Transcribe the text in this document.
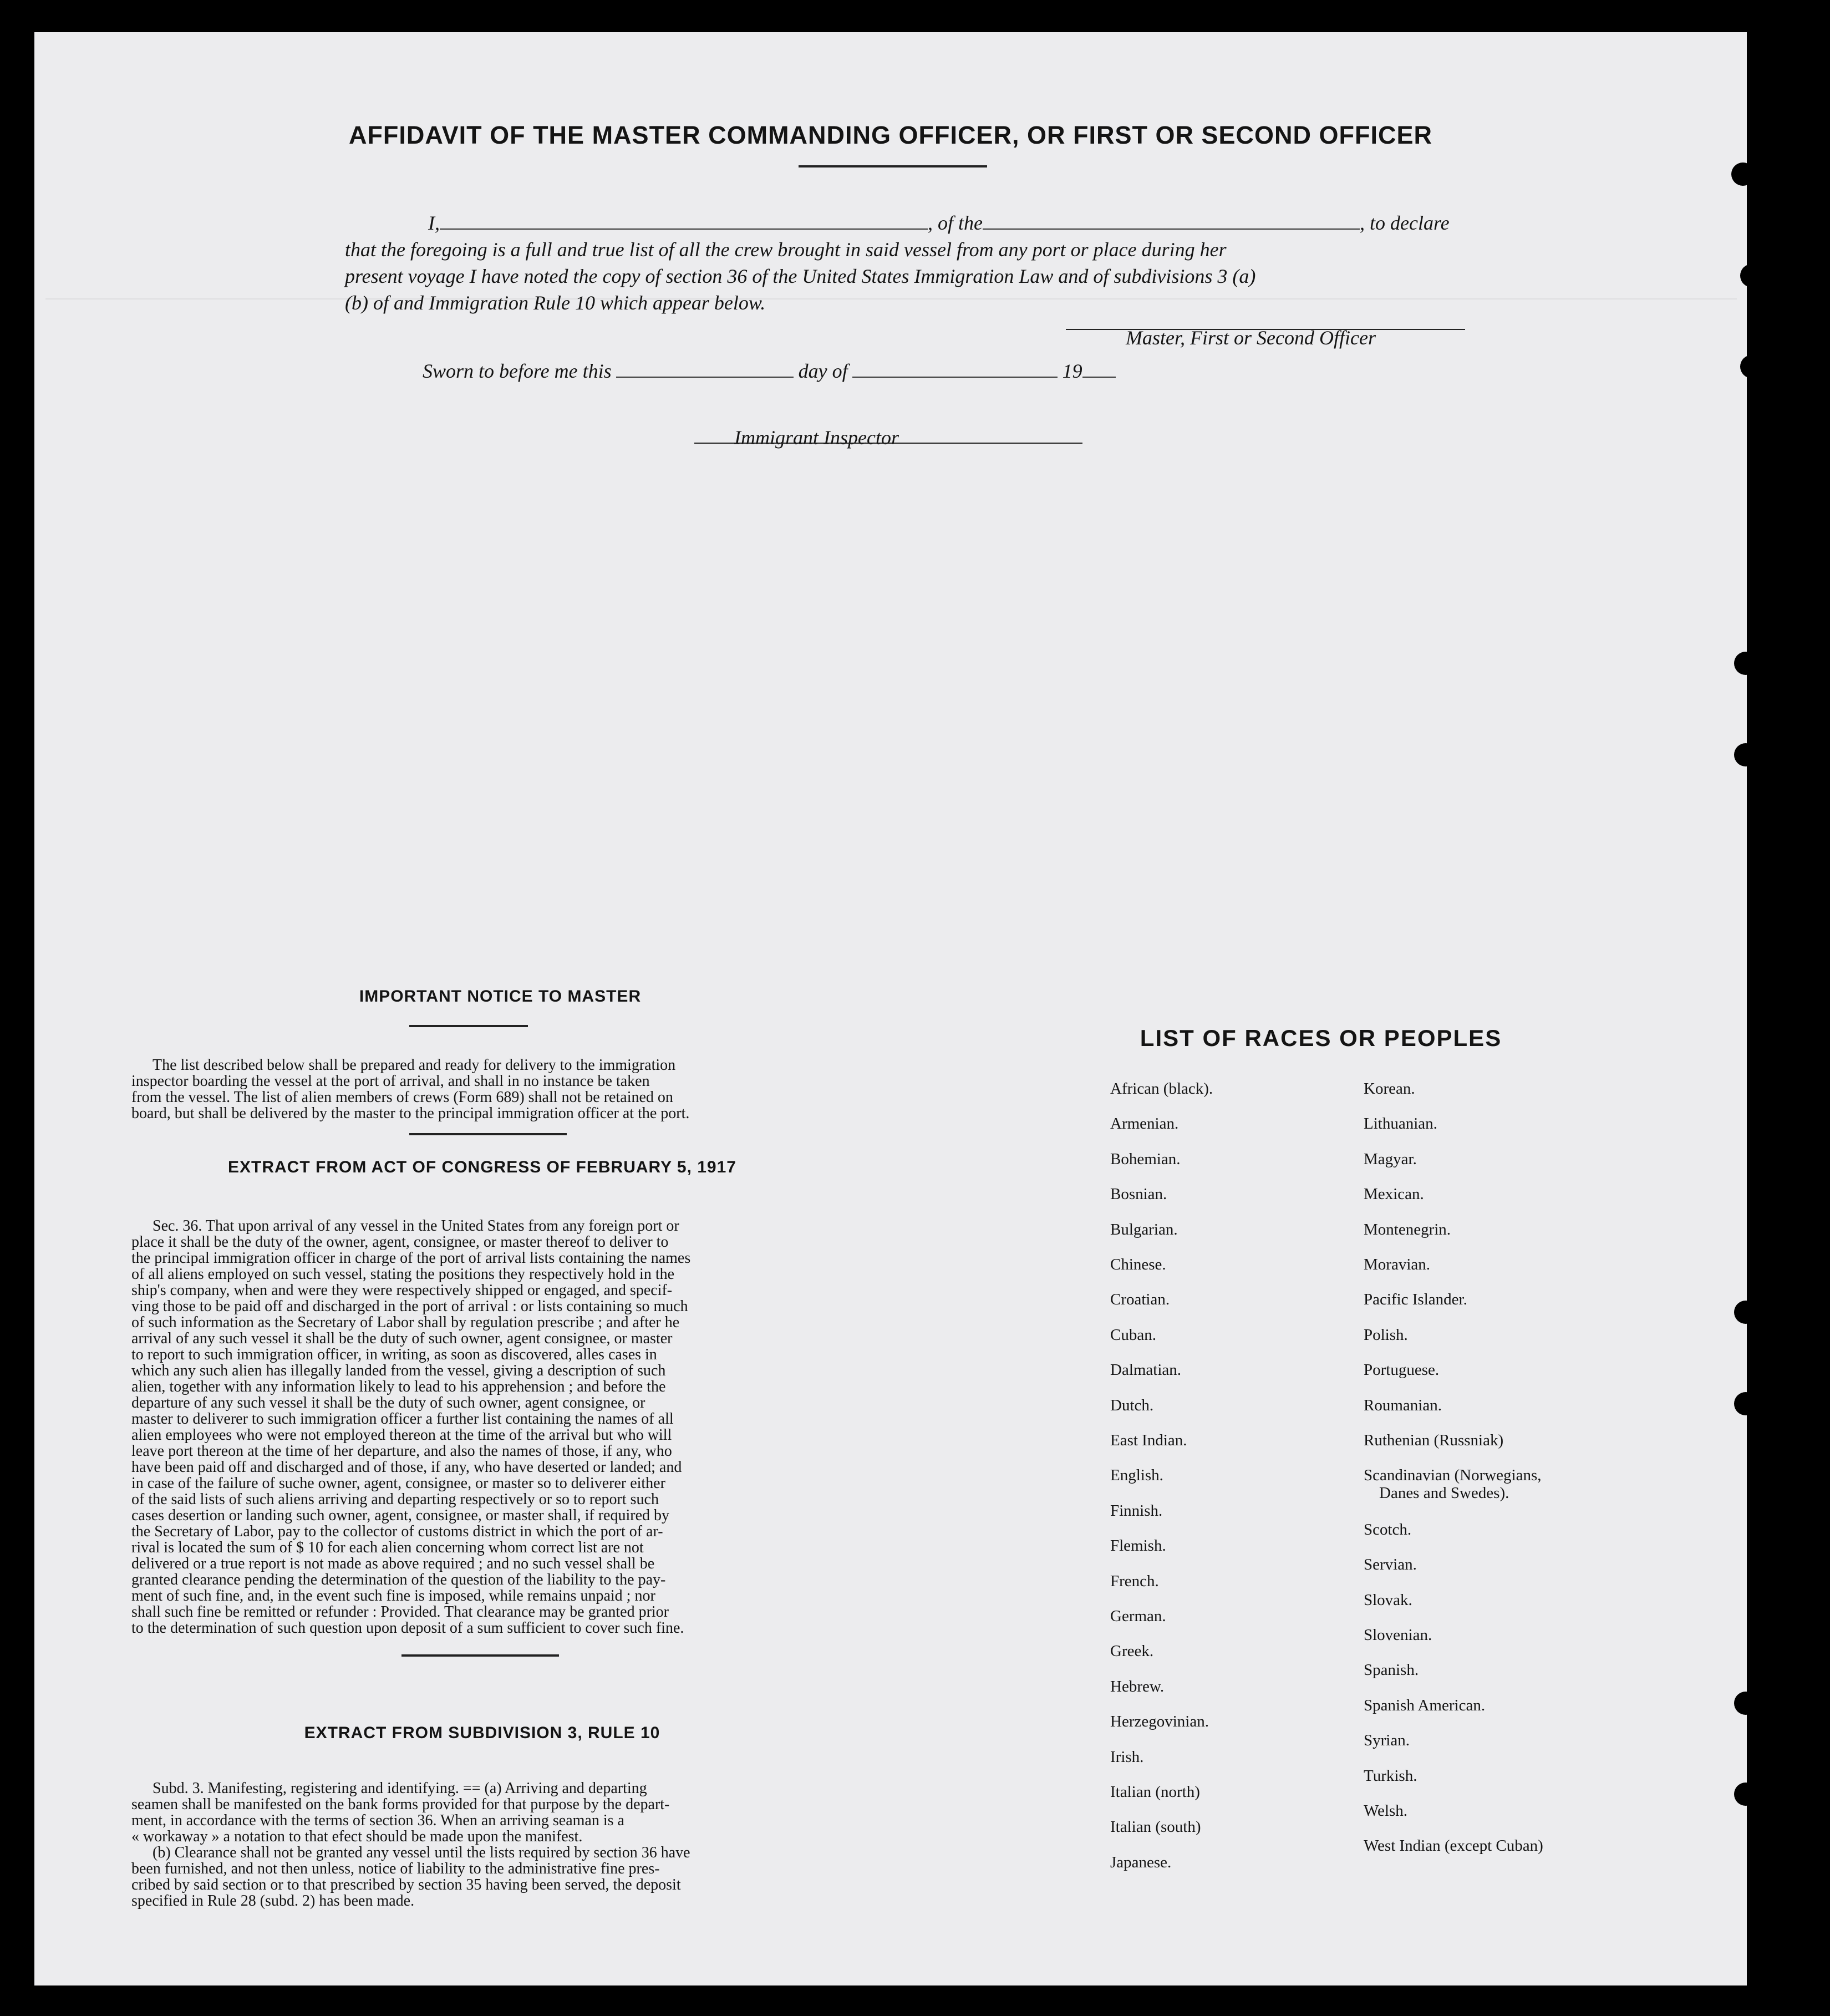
AFFIDAVIT OF THE MASTER COMMANDING OFFICER, OR FIRST OR SECOND OFFICER
I,	, of the	, to declare
that the foregoing is a full and true list of all the crew brought in said vessel from any port or place during her
present voyage I have noted the copy of section 36 of the United States Immigration Law and of subdivisions 3 (a)
(b) of and Immigration Rule 10 which appear below.
Master, First or Second Officer
Sworn to before me this	day of	19
Immigrant Inspector
IMPORTANT NOTICE TO MASTER
The list described below shall be prepared and ready for delivery to the immigration
inspector boarding the vessel at the port of arrival, and shall in no instance be taken
from the vessel. The list of alien members of crews (Form 689) shall not be retained on
board, but shall be delivered by the master to the principal immigration officer at the port.
EXTRACT FROM ACT OF CONGRESS OF FEBRUARY 5, 1917
Sec. 36. That upon arrival of any vessel in the United States from any foreign port or
place it shall be the duty of the owner, agent, consignee, or master thereof to deliver to
the principal immigration officer in charge of the port of arrival lists containing the names
of all aliens employed on such vessel, stating the positions they respectively hold in the
ship's company, when and were they were respectively shipped or engaged, and specif-
ving those to be paid off and discharged in the port of arrival : or lists containing so much
of such information as the Secretary of Labor shall by regulation prescribe ; and after he
arrival of any such vessel it shall be the duty of such owner, agent consignee, or master
to report to such immigration officer, in writing, as soon as discovered, alles cases in
which any such alien has illegally landed from the vessel, giving a description of such
alien, together with any information likely to lead to his apprehension ; and before the
departure of any such vessel it shall be the duty of such owner, agent consignee, or
master to deliverer to such immigration officer a further list containing the names of all
alien employees who were not employed thereon at the time of the arrival but who will
leave port thereon at the time of her departure, and also the names of those, if any, who
have been paid off and discharged and of those, if any, who have deserted or landed; and
in case of the failure of suche owner, agent, consignee, or master so to deliverer either
of the said lists of such aliens arriving and departing respectively or so to report such
cases desertion or landing such owner, agent, consignee, or master shall, if required by
the Secretary of Labor, pay to the collector of customs district in which the port of ar-
rival is located the sum of $ 10 for each alien concerning whom correct list are not
delivered or a true report is not made as above required ; and no such vessel shall be
granted clearance pending the determination of the question of the liability to the pay-
ment of such fine, and, in the event such fine is imposed, while remains unpaid ; nor
shall such fine be remitted or refunder : Provided. That clearance may be granted prior
to the determination of such question upon deposit of a sum sufficient to cover such fine.
EXTRACT FROM SUBDIVISION 3, RULE 10
Subd. 3. Manifesting, registering and identifying. == (a) Arriving and departing
seamen shall be manifested on the bank forms provided for that purpose by the depart-
ment, in accordance with the terms of section 36. When an arriving seaman is a
« workaway » a notation to that efect should be made upon the manifest.
(b) Clearance shall not be granted any vessel until the lists required by section 36 have
been furnished, and not then unless, notice of liability to the administrative fine pres-
cribed by said section or to that prescribed by section 35 having been served, the deposit
specified in Rule 28 (subd. 2) has been made.
LIST OF RACES OR PEOPLES
African (black).
Armenian.
Bohemian.
Bosnian.
Bulgarian.
Chinese.
Croatian.
Cuban.
Dalmatian.
Dutch.
East Indian.
English.
Finnish.
Flemish.
French.
German.
Greek.
Hebrew.
Herzegovinian.
Irish.
Italian (north)
Italian (south)
Japanese.
Korean.
Lithuanian.
Magyar.
Mexican.
Montenegrin.
Moravian.
Pacific Islander.
Polish.
Portuguese.
Roumanian.
Ruthenian (Russniak)
Scandinavian (Norwegians,
Danes and Swedes).
Scotch.
Servian.
Slovak.
Slovenian.
Spanish.
Spanish American.
Syrian.
Turkish.
Welsh.
West Indian (except Cuban)
